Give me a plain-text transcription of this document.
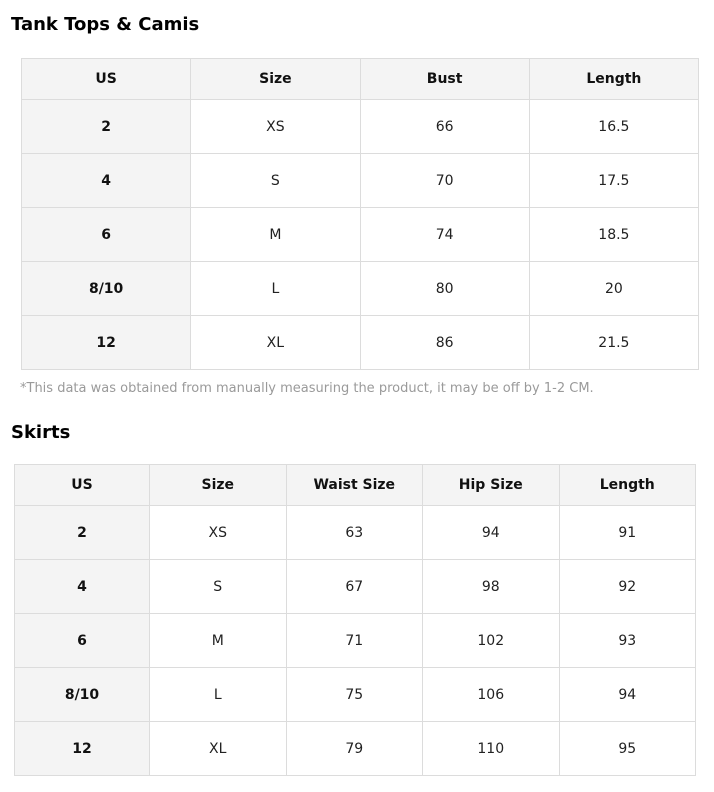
Tank Tops & Camis
US	Size	Bust	Length
2	XS	66	16.5
4	S	70	17.5
6	M	74	18.5
8/10	L	80	20
12	XL	86	21.5

*This data was obtained from manually measuring the product, it may be off by 1-2 CM.

Skirts
US	Size	Waist Size	Hip Size	Length
2	XS	63	94	91
4	S	67	98	92
6	M	71	102	93
8/10	L	75	106	94
12	XL	79	110	95
